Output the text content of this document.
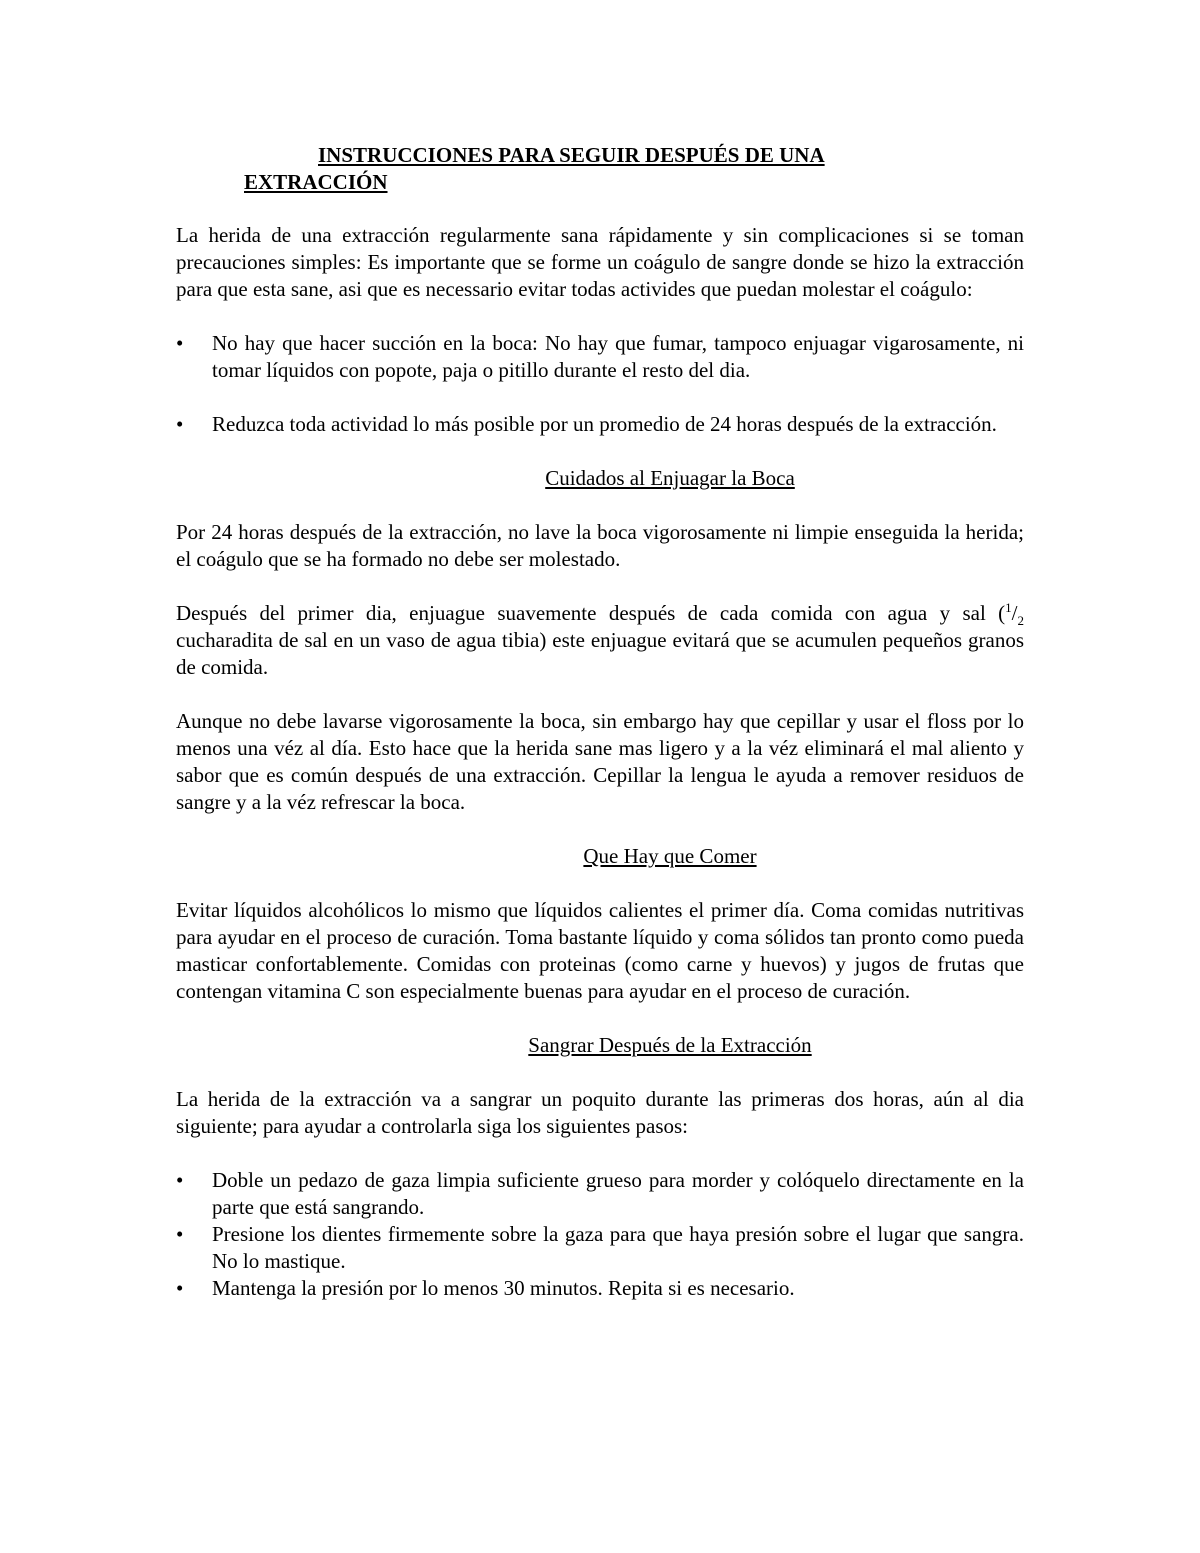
INSTRUCCIONES PARA SEGUIR DESPUÉS DE UNA
EXTRACCIÓN

La herida de una extracción regularmente sana rápidamente y sin complicaciones si se toman precauciones simples: Es importante que se forme un coágulo de sangre donde se hizo la extracción para que esta sane, asi que es necessario evitar todas activides que puedan molestar el coágulo:

• No hay que hacer succión en la boca: No hay que fumar, tampoco enjuagar vigarosamente, ni tomar líquidos con popote, paja o pitillo durante el resto del dia.
• Reduzca toda actividad lo más posible por un promedio de 24 horas después de la extracción.
Cuidados al Enjuagar la Boca

Por 24 horas después de la extracción, no lave la boca vigorosamente ni limpie enseguida la herida; el coágulo que se ha formado no debe ser molestado.

Después del primer dia, enjuague suavemente después de cada comida con agua y sal ($^1/_2$ cucharadita de sal en un vaso de agua tibia) este enjuague evitará que se acumulen pequeños granos de comida.

Aunque no debe lavarse vigorosamente la boca, sin embargo hay que cepillar y usar el floss por lo menos una véz al día. Esto hace que la herida sane mas ligero y a la véz eliminará el mal aliento y sabor que es común después de una extracción. Cepillar la lengua le ayuda a remover residuos de sangre y a la véz refrescar la boca.

Que Hay que Comer

Evitar líquidos alcohólicos lo mismo que líquidos calientes el primer día. Coma comidas nutritivas para ayudar en el proceso de curación. Toma bastante líquido y coma sólidos tan pronto como pueda masticar confortablemente. Comidas con proteinas (como carne y huevos) y jugos de frutas que contengan vitamina C son especialmente buenas para ayudar en el proceso de curación.

Sangrar Después de la Extracción

La herida de la extracción va a sangrar un poquito durante las primeras dos horas, aún al dia siguiente; para ayudar a controlarla siga los siguientes pasos:

• Doble un pedazo de gaza limpia suficiente grueso para morder y colóquelo directamente en la parte que está sangrando.
• Presione los dientes firmemente sobre la gaza para que haya presión sobre el lugar que sangra. No lo mastique.
• Mantenga la presión por lo menos 30 minutos. Repita si es necesario.
